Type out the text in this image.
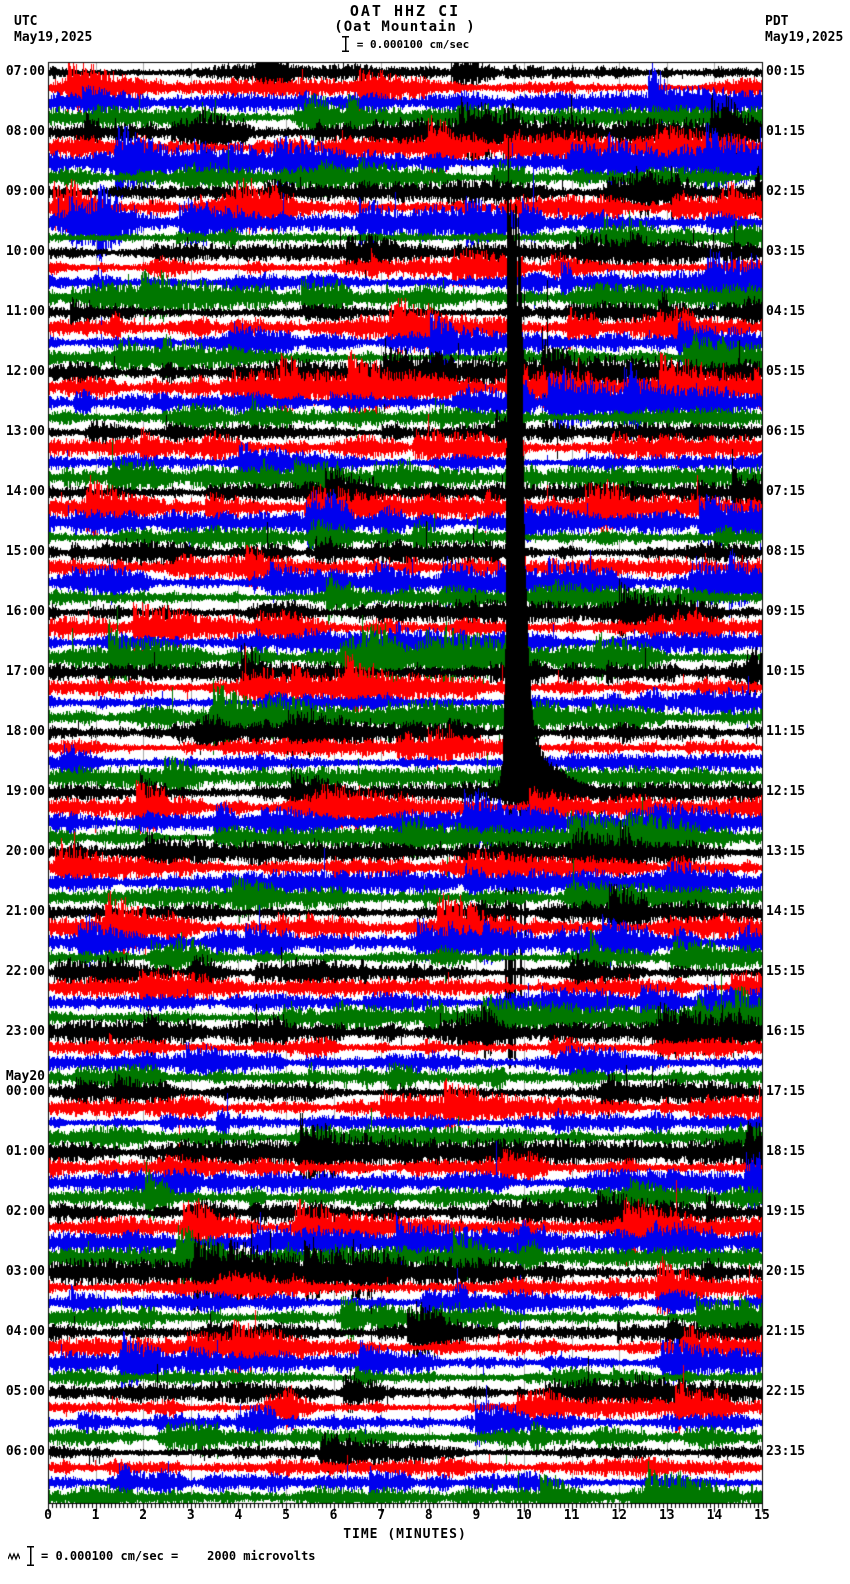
OAT HHZ CI
(Oat Mountain )
= 0.000100 cm/sec
UTC
May19,2025
PDT
May19,2025
07:00
08:00
09:00
10:00
11:00
12:00
13:00
14:00
15:00
16:00
17:00
18:00
19:00
20:00
21:00
22:00
23:00
00:00
01:00
02:00
03:00
04:00
05:00
06:00
00:15
01:15
02:15
03:15
04:15
05:15
06:15
07:15
08:15
09:15
10:15
11:15
12:15
13:15
14:15
15:15
16:15
17:15
18:15
19:15
20:15
21:15
22:15
23:15
May20
0	1	2	3	4	5	6	7	8	9	10	11	12	13	14	15
TIME (MINUTES)
= 0.000100 cm/sec =    2000 microvolts
